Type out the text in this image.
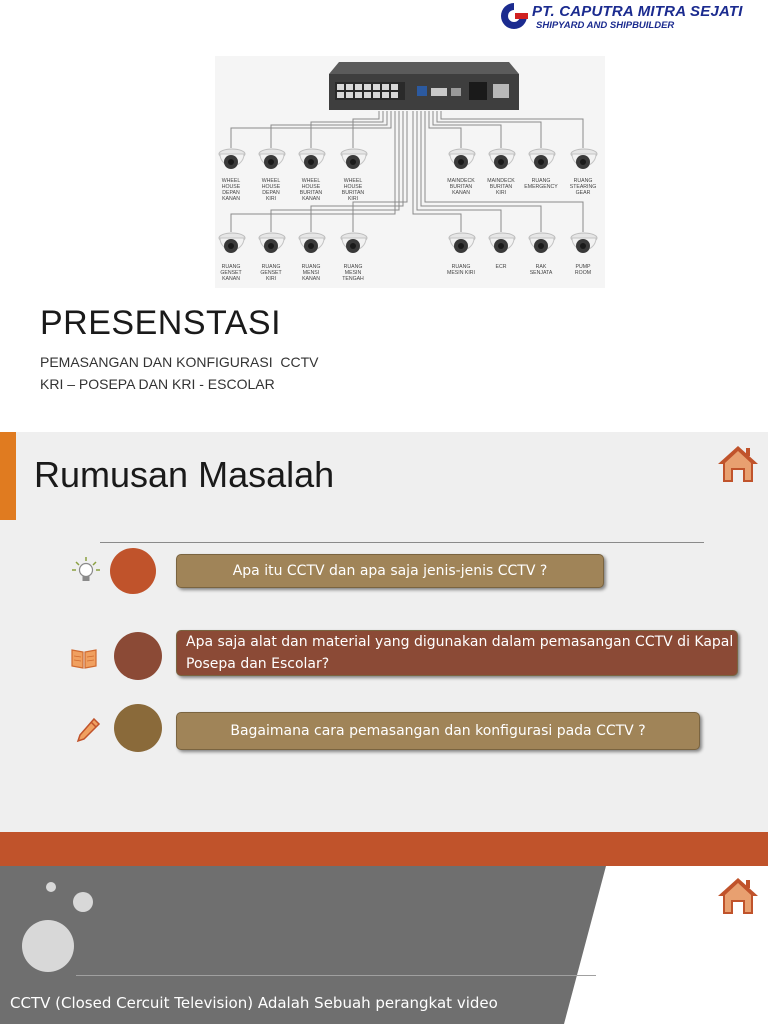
PT. CAPUTRA MITRA SEJATI
SHIPYARD AND SHIPBUILDER
WHEEL
HOUSE
DEPAN
KANAN
WHEEL
HOUSE
DEPAN
KIRI
WHEEL
HOUSE
BURITAN
KANAN
WHEEL
HOUSE
BURITAN
KIRI
MAINDECK
BURITAN
KANAN
MAINDECK
BURITAN
KIRI
RUANG
EMERGENCY
RUANG
STEARING
GEAR
RUANG
GENSET
KANAN
RUANG
GENSET
KIRI
RUANG
MENSI
KANAN
RUANG
MESIN
TENGAH
RUANG
MESIN KIRI
ECR	RAK
SENJATA
PUMP
ROOM
PRESENSTASI
PEMASANGAN DAN KONFIGURASI  CCTV
KRI – POSEPA DAN KRI - ESCOLAR
Rumusan Masalah
Apa itu CCTV dan apa saja jenis-jenis CCTV ?
Apa saja alat dan material yang digunakan dalam pemasangan CCTV di Kapal Posepa dan Escolar?
Bagaimana cara pemasangan dan konfigurasi pada CCTV ?
CCTV (Closed Cercuit Television) Adalah Sebuah perangkat video
